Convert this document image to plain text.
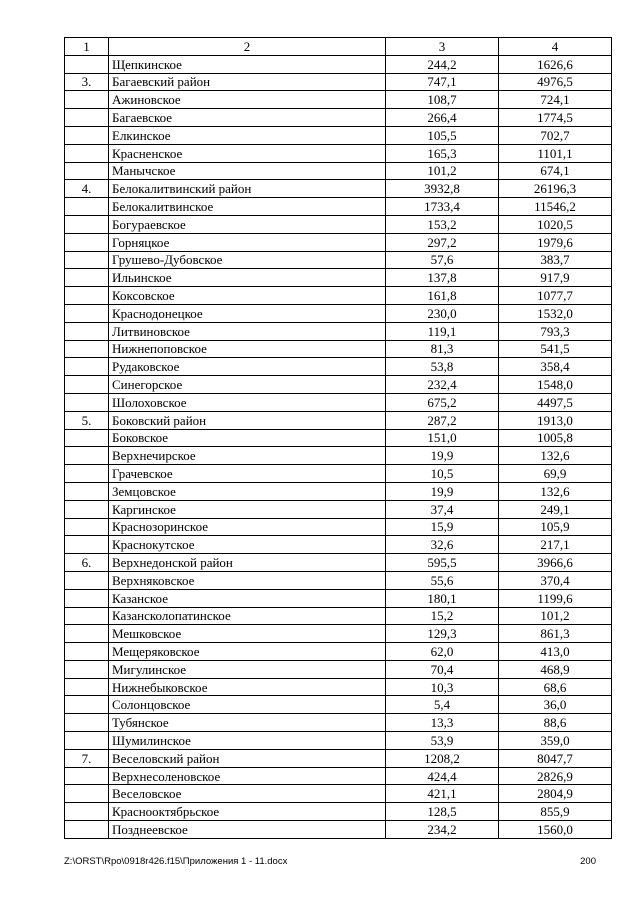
1	2	3	4
	Щепкинское	244,2	1626,6
3.	Багаевский район	747,1	4976,5
	Ажиновское	108,7	724,1
	Багаевское	266,4	1774,5
	Елкинское	105,5	702,7
	Красненское	165,3	1101,1
	Манычское	101,2	674,1
4.	Белокалитвинский район	3932,8	26196,3
	Белокалитвинское	1733,4	11546,2
	Богураевское	153,2	1020,5
	Горняцкое	297,2	1979,6
	Грушево-Дубовское	57,6	383,7
	Ильинское	137,8	917,9
	Коксовское	161,8	1077,7
	Краснодонецкое	230,0	1532,0
	Литвиновское	119,1	793,3
	Нижнепоповское	81,3	541,5
	Рудаковское	53,8	358,4
	Синегорское	232,4	1548,0
	Шолоховское	675,2	4497,5
5.	Боковский район	287,2	1913,0
	Боковское	151,0	1005,8
	Верхнечирское	19,9	132,6
	Грачевское	10,5	69,9
	Земцовское	19,9	132,6
	Каргинское	37,4	249,1
	Краснозоринское	15,9	105,9
	Краснокутское	32,6	217,1
6.	Верхнедонской район	595,5	3966,6
	Верхняковское	55,6	370,4
	Казанское	180,1	1199,6
	Казансколопатинское	15,2	101,2
	Мешковское	129,3	861,3
	Мещеряковское	62,0	413,0
	Мигулинское	70,4	468,9
	Нижнебыковское	10,3	68,6
	Солонцовское	5,4	36,0
	Тубянское	13,3	88,6
	Шумилинское	53,9	359,0
7.	Веселовский район	1208,2	8047,7
	Верхнесоленовское	424,4	2826,9
	Веселовское	421,1	2804,9
	Краснооктябрьское	128,5	855,9
	Позднеевское	234,2	1560,0
Z:\ORST\Rpo\0918r426.f15\Приложения 1 - 11.docx	200
